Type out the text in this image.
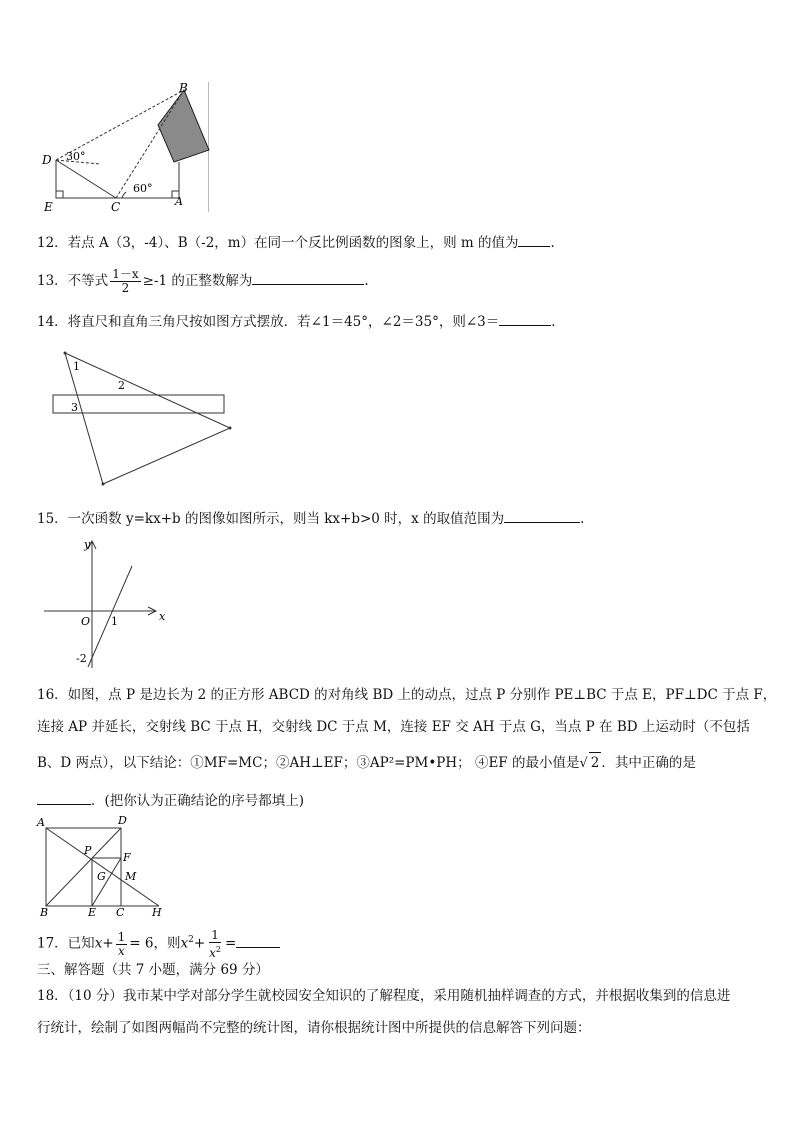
B
D 30°
60°
E	C	A
12．若点 A（3，-4）、B（-2，m）在同一个反比例函数的图象上，则 m 的值为 .
13．不等式 $\frac{1-x}{2} \ge-1$ 的正整数解为	.
14．将直尺和直角三角尺按如图方式摆放．若∠1＝45°，∠2＝35°，则∠3＝	．
1
2
3
15．一次函数 y=kx+b 的图像如图所示，则当 kx+b>0 时，x 的取值范围为	.
y
x
O 1
-2
16．如图，点 P 是边长为 2 的正方形 ABCD 的对角线 BD 上的动点，过点 P 分别作 PE⊥BC 于点 E，PF⊥DC 于点 F，
连接 AP 并延长，交射线 BC 于点 H，交射线 DC 于点 M，连接 EF 交 AH 于点 G，当点 P 在 BD 上运动时（不包括
B、D 两点），以下结论：①MF=MC；②AH⊥EF；③AP²=PM•PH； ④EF 的最小值是√ 2 ．其中正确的是
．(把你认为正确结论的序号都填上)
A	D
P
F
G M
B	E C	H
17．已知$x+ \frac{1}{x} = 6$，则$x^2+ \frac{1}{x^2}$ =
三、解答题（共 7 小题，满分 69 分）
18．（10 分）我市某中学对部分学生就校园安全知识的了解程度，采用随机抽样调查的方式，并根据收集到的信息进
行统计，绘制了如图两幅尚不完整的统计图，请你根据统计图中所提供的信息解答下列问题：
